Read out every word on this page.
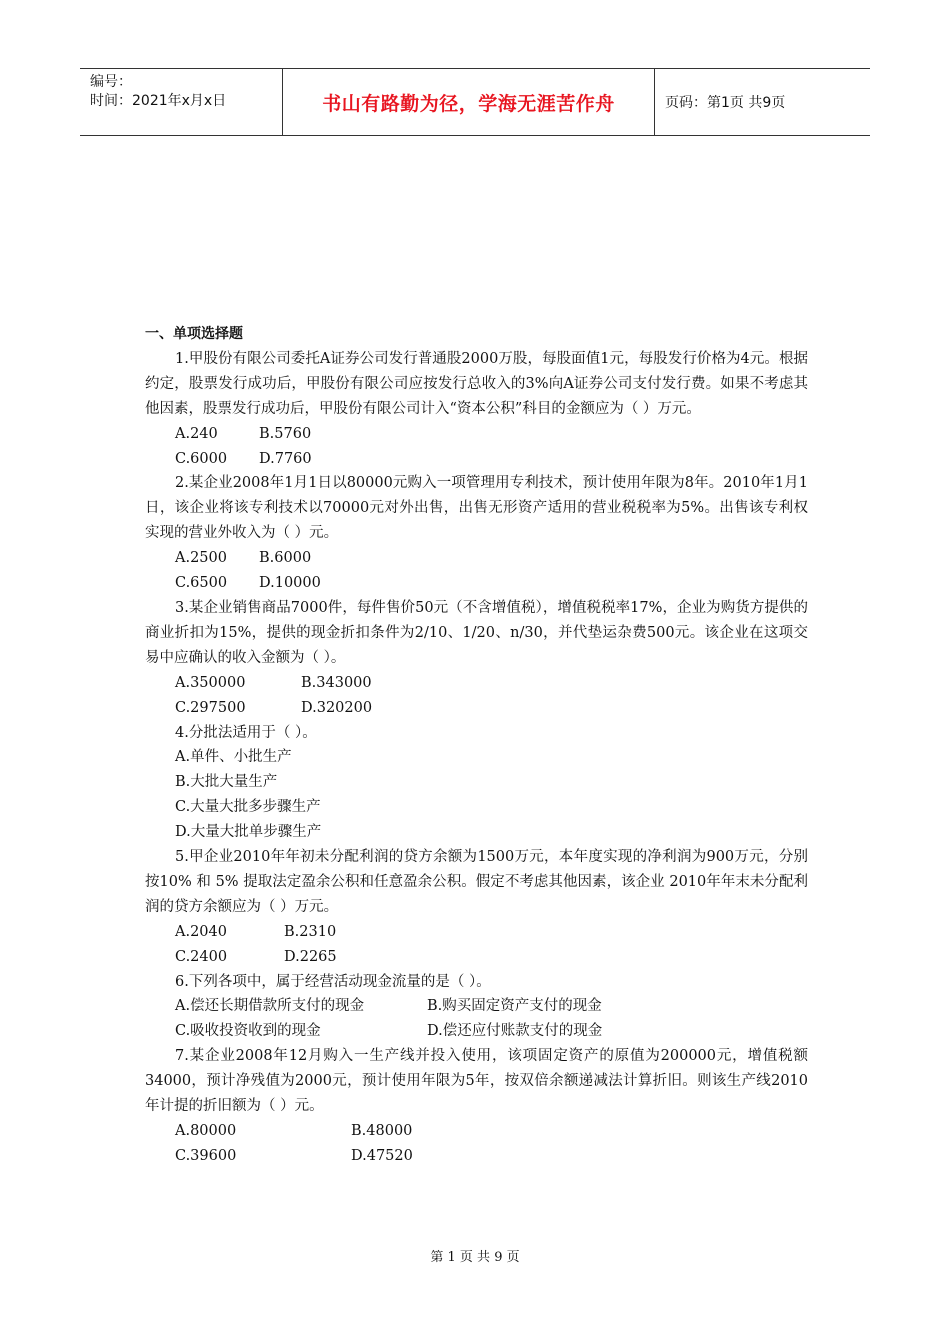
编号：
时间：2021年x月x日	书山有路勤为径，学海无涯苦作舟	页码：第1页 共9页
一、单项选择题

1.甲股份有限公司委托A证券公司发行普通股2000万股，每股面值1元，每股发行价格为4元。根据约定，股票发行成功后，甲股份有限公司应按发行总收入的3%向A证券公司支付发行费。如果不考虑其他因素，股票发行成功后，甲股份有限公司计入“资本公积”科目的金额应为（ ）万元。

A.240	B.5760
C.6000	D.7760

2.某企业2008年1月1日以80000元购入一项管理用专利技术，预计使用年限为8年。2010年1月1日，该企业将该专利技术以70000元对外出售，出售无形资产适用的营业税税率为5%。出售该专利权实现的营业外收入为（ ）元。

A.2500	B.6000
C.6500	D.10000

3.某企业销售商品7000件，每件售价50元（不含增值税），增值税税率17%，企业为购货方提供的商业折扣为15%，提供的现金折扣条件为2/10、1/20、n/30，并代垫运杂费500元。该企业在这项交易中应确认的收入金额为（ ）。

A.350000	B.343000
C.297500	D.320200

4.分批法适用于（ ）。

A.单件、小批生产
B.大批大量生产
C.大量大批多步骤生产
D.大量大批单步骤生产

5.甲企业2010年年初未分配利润的贷方余额为1500万元，本年度实现的净利润为900万元，分别按10% 和 5% 提取法定盈余公积和任意盈余公积。假定不考虑其他因素，该企业 2010年年末未分配利润的贷方余额应为（ ）万元。

A.2040	B.2310
C.2400	D.2265

6.下列各项中，属于经营活动现金流量的是（ ）。

A.偿还长期借款所支付的现金	B.购买固定资产支付的现金
C.吸收投资收到的现金	D.偿还应付账款支付的现金

7.某企业2008年12月购入一生产线并投入使用，该项固定资产的原值为200000元，增值税额34000，预计净残值为2000元，预计使用年限为5年，按双倍余额递减法计算折旧。则该生产线2010年计提的折旧额为（ ）元。

A.80000	B.48000
C.39600	D.47520
第 1 页 共 9 页
